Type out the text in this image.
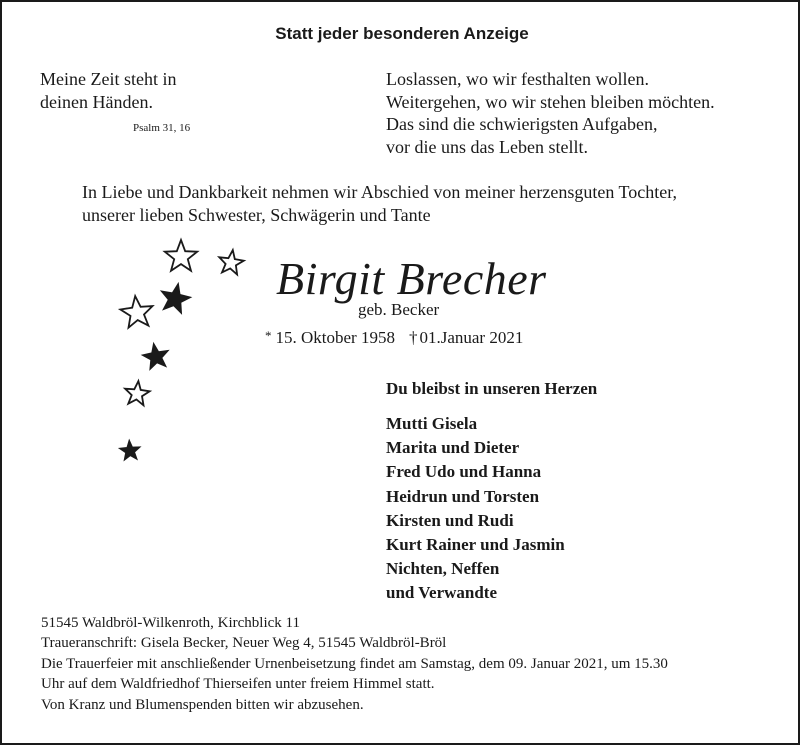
Statt jeder besonderen Anzeige
Meine Zeit steht in
deinen Händen.
Psalm 31, 16
Loslassen, wo wir festhalten wollen.
Weitergehen, wo wir stehen bleiben möchten.
Das sind die schwierigsten Aufgaben,
vor die uns das Leben stellt.
In Liebe und Dankbarkeit nehmen wir Abschied von meiner herzensguten Tochter,
unserer lieben Schwester, Schwägerin und Tante
Birgit Brecher
geb. Becker
* 15. Oktober 1958 † 01.Januar 2021
Du bleibst in unseren Herzen
Mutti Gisela
Marita und Dieter
Fred Udo und Hanna
Heidrun und Torsten
Kirsten und Rudi
Kurt Rainer und Jasmin
Nichten, Neffen
und Verwandte
51545 Waldbröl-Wilkenroth, Kirchblick 11
Traueranschrift: Gisela Becker, Neuer Weg 4, 51545 Waldbröl-Bröl
Die Trauerfeier mit anschließender Urnenbeisetzung findet am Samstag, dem 09. Januar 2021, um 15.30
Uhr auf dem Waldfriedhof Thierseifen unter freiem Himmel statt.
Von Kranz und Blumenspenden bitten wir abzusehen.
